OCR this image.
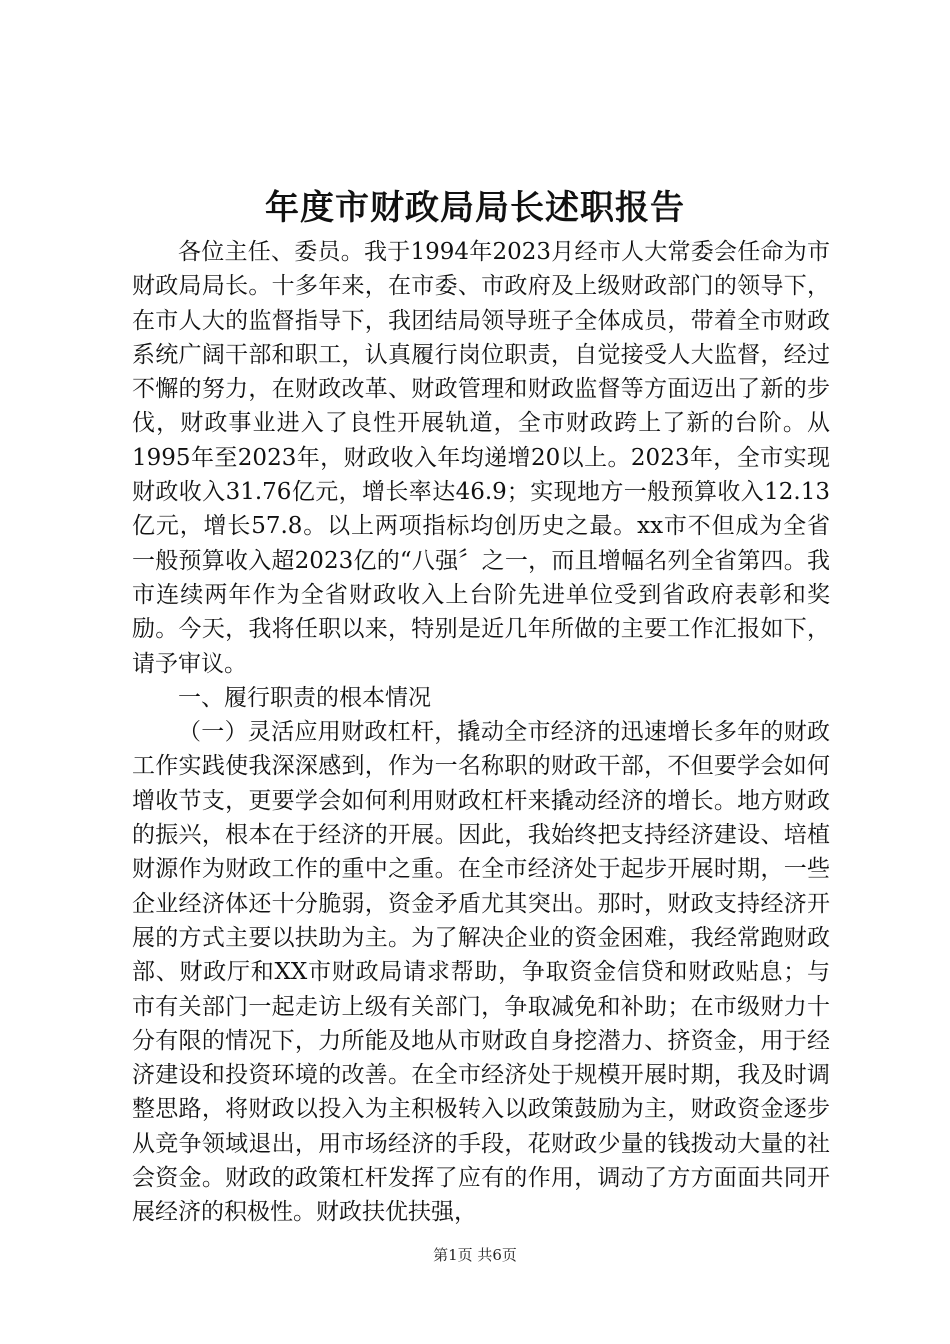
年度市财政局局长述职报告

各位主任、委员。我于1994年2023月经市人大常委会任命为市财政局局长。十多年来，在市委、市政府及上级财政部门的领导下，在市人大的监督指导下，我团结局领导班子全体成员，带着全市财政系统广阔干部和职工，认真履行岗位职责，自觉接受人大监督，经过不懈的努力，在财政改革、财政管理和财政监督等方面迈出了新的步伐，财政事业进入了良性开展轨道，全市财政跨上了新的台阶。从1995年至2023年，财政收入年均递增20以上。2023年，全市实现财政收入31.76亿元，增长率达46.9；实现地方一般预算收入12.13亿元，增长57.8。以上两项指标均创历史之最。xx市不但成为全省一般预算收入超2023亿的“八强〞之一，而且增幅名列全省第四。我市连续两年作为全省财政收入上台阶先进单位受到省政府表彰和奖励。今天，我将任职以来，特别是近几年所做的主要工作汇报如下，请予审议。

一、履行职责的根本情况

（一）灵活应用财政杠杆，撬动全市经济的迅速增长多年的财政工作实践使我深深感到，作为一名称职的财政干部，不但要学会如何增收节支，更要学会如何利用财政杠杆来撬动经济的增长。地方财政的振兴，根本在于经济的开展。因此，我始终把支持经济建设、培植财源作为财政工作的重中之重。在全市经济处于起步开展时期，一些企业经济体还十分脆弱，资金矛盾尤其突出。那时，财政支持经济开展的方式主要以扶助为主。为了解决企业的资金困难，我经常跑财政部、财政厅和XX市财政局请求帮助，争取资金信贷和财政贴息；与市有关部门一起走访上级有关部门，争取减免和补助；在市级财力十分有限的情况下，力所能及地从市财政自身挖潜力、挤资金，用于经济建设和投资环境的改善。在全市经济处于规模开展时期，我及时调整思路，将财政以投入为主积极转入以政策鼓励为主，财政资金逐步从竞争领域退出，用市场经济的手段，花财政少量的钱拨动大量的社会资金。财政的政策杠杆发挥了应有的作用，调动了方方面面共同开展经济的积极性。财政扶优扶强，

第1页 共6页
